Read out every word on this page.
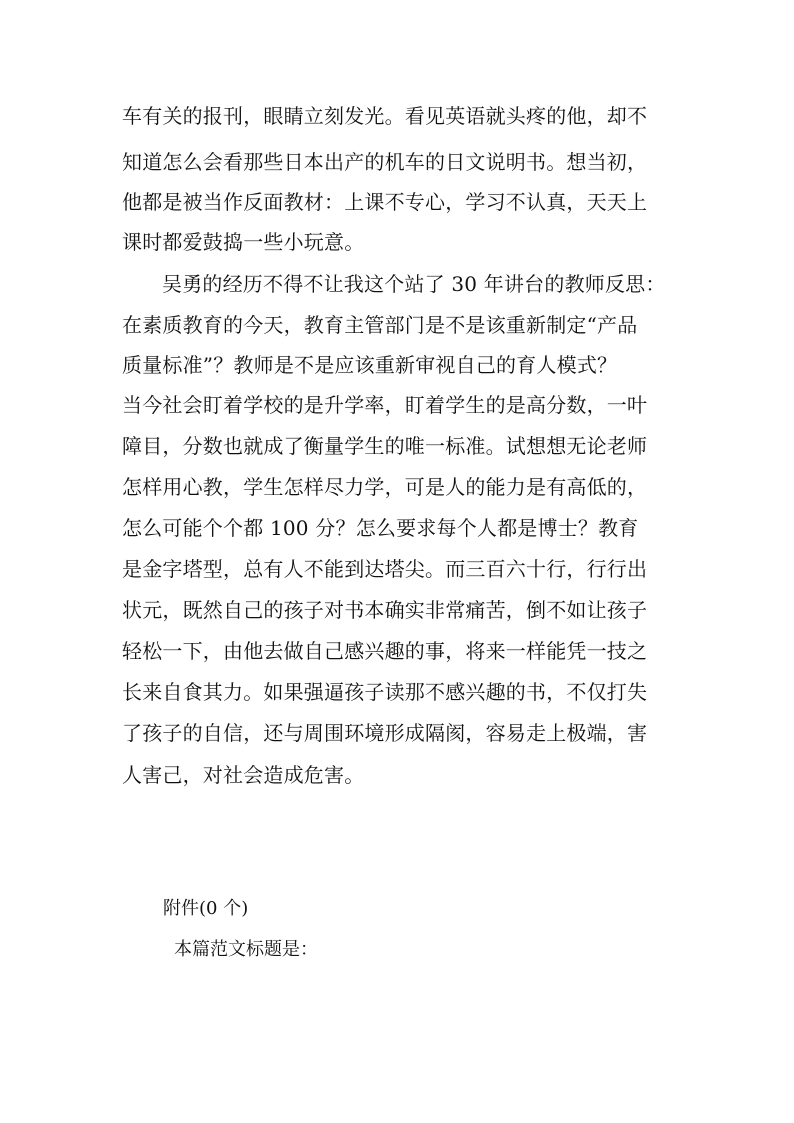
车有关的报刊，眼睛立刻发光。看见英语就头疼的他，却不
知道怎么会看那些日本出产的机车的日文说明书。想当初，
他都是被当作反面教材：上课不专心，学习不认真，天天上
课时都爱鼓捣一些小玩意。
吴勇的经历不得不让我这个站了 30 年讲台的教师反思：
在素质教育的今天，教育主管部门是不是该重新制定“产品
质量标准”？教师是不是应该重新审视自己的育人模式？
当今社会盯着学校的是升学率，盯着学生的是高分数，一叶
障目，分数也就成了衡量学生的唯一标准。试想想无论老师
怎样用心教，学生怎样尽力学，可是人的能力是有高低的，
怎么可能个个都 100 分？怎么要求每个人都是博士？教育
是金字塔型，总有人不能到达塔尖。而三百六十行，行行出
状元，既然自己的孩子对书本确实非常痛苦，倒不如让孩子
轻松一下，由他去做自己感兴趣的事，将来一样能凭一技之
长来自食其力。如果强逼孩子读那不感兴趣的书，不仅打失
了孩子的自信，还与周围环境形成隔阂，容易走上极端，害
人害己，对社会造成危害。
附件(0 个)
本篇范文标题是：
